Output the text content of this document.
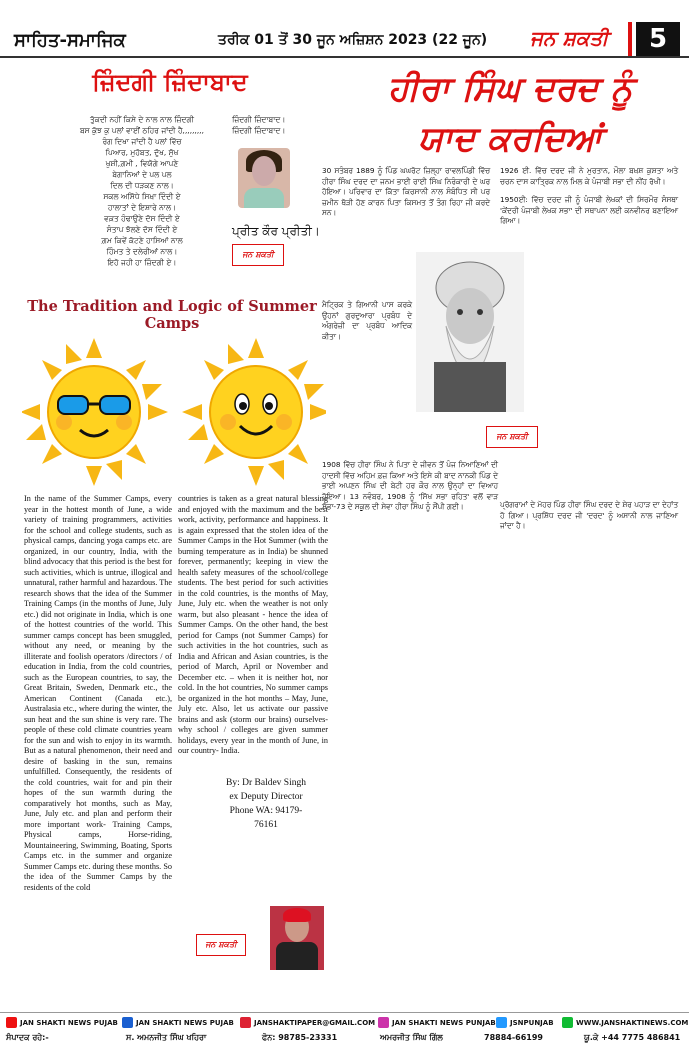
ਸਾਹਿਤ-ਸਮਾਜਿਕ	ਤਰੀਕ 01 ਤੋਂ 30 ਜੂਨ ਅਜ਼ਿਸ਼ਨ 2023 (22 ਜੂਨ) ਜਨ ਸ਼ਕਤੀ	5
ਜ਼ਿੰਦਗੀ ਜ਼ਿੰਦਾਬਾਦ
ਤੁੱਕਦੀ ਨਹੀਂ ਕਿਸੇ ਦੇ ਨਾਲ ਨਾਲ ਜ਼ਿੰਦਗੀ
ਬਸ ਕੁੱਝ ਕੁ ਪਲਾਂ ਵਾਈਂ ਠਹਿਰ ਜਾਂਦੀ ਹੈ,,,,,,,,,
ਰੰਗ ਦਿਖਾ ਜਾਂਦੀ ਹੈ ਪਲਾਂ ਵਿੱਚ
ਪਿਆਰ, ਮੁਹੱਬਤ, ਦੁੱਖ, ਸੁੱਖ
ਖੁਸ਼ੀ,ਗ਼ਮੀ , ਵਿਯੋਗੇ ਆਪਣੇ
ਬੇਗਾਨਿਆਂ ਦੇ ਪਲ ਪਲ
ਦਿਲ ਦੀ ਧੜਕਣ ਨਾਲ।
ਸਕਲ ਅਸਿੱਧੇ ਸਿਖ਼ਾ ਦਿੰਦੀ ਏ
ਹਾਲਾਤਾਂ ਦੇ ਇਸ਼ਾਰੇ ਨਾਲ।
ਵਕ਼ਤ ਹੰਢਾਉਣੇ ਦੱਸ ਦਿੰਦੀ ਏ
ਸੰਤਾਪ ਝੱਲਣੇ ਦੱਸ ਦਿੰਦੀ ਏ
ਗ਼ਮ ਕਿਵੇਂ ਕੱਟਣੇ ਹਾਸਿਆਂ ਨਾਲ
ਹਿੰਮਤ ਤੇ ਦਲੇਰੀਆਂ ਨਾਲ।
ਇਹੋ ਜਹੀ ਹਾ ਜ਼ਿੰਦਗੀ ਏ।
ਜ਼ਿੰਦਗੀ ਜ਼ਿੰਦਾਬਾਦ।
ਜ਼ਿੰਦਗੀ ਜ਼ਿੰਦਾਬਾਦ।
ਪ੍ਰੀਤ ਕੌਰ ਪ੍ਰੀਤੀ।
ਜਨ ਸ਼ਕਤੀ
The Tradition and Logic of Summer Camps
In the name of the Summer Camps, every year in the hottest month of June, a wide variety of training programmers, activities for the school and college students, such as physical camps, dancing yoga camps etc. are organized, in our country, India, with the blind advocacy that this period is the best for such activities, which is untrue, illogical and unnatural, rather harmful and hazardous. The research shows that the idea of the Summer Training Camps (in the months of June, July etc.) did not originate in India, which is one of the hottest countries of the world. This summer camps concept has been smuggled, without any need, or meaning by the illiterate and foolish operators /directors / of education in India, from the cold countries, such as the European countries, to say, the Great Britain, Sweden, Denmark etc., the American Continent (Canada etc.), Australasia etc., where during the winter, the sun heat and the sun shine is very rare. The people of these cold climate countries yearn for the sun and wish to enjoy in its warmth. But as a natural phenomenon, their need and desire of basking in the sun, remains unfulfilled. Consequently, the residents of the cold countries, wait for and pin their hopes of the sun warmth during the comparatively hot months, such as May, June, July etc. and plan and perform their more important work- Training Camps, Physical camps, Horse-riding, Mountaineering, Swimming, Boating, Sports Camps etc. in the summer and organize Summer Camps etc. during these months. So the idea of the Summer Camps by the residents of the cold
countries is taken as a great natural blessing and enjoyed with the maximum and the best work, activity, performance and happiness. It is again expressed that the stolen idea of the Summer Camps in the Hot Summer (with the burning temperature as in India) be shunned forever, permanently; keeping in view the health safety measures of the school/college students. The best period for such activities in the cold countries, is the months of May, June, July etc. when the weather is not only warm, but also pleasant - hence the idea of Summer Camps. On the other hand, the best period for Camps (not Summer Camps) for such activities in the hot countries, such as India and African and Asian countries, is the period of March, April or November and December etc. – when it is neither hot, nor cold. In the hot countries, No summer camps be organized in the hot months – May, June, July etc. Also, let us activate our passive brains and ask (storm our brains) ourselves- why school / colleges are given summer holidays, every year in the month of June, in our country- India.
By: Dr Baldev Singh ex Deputy Director Phone WA: 94179-76161
ਜਨ ਸ਼ਕਤੀ
ਹੀਰਾ ਸਿੰਘ ਦਰਦ ਨੂੰ
ਯਾਦ ਕਰਦਿਆਂ

30 ਸਤੰਬਰ 1889 ਨੂੰ ਪਿੰਡ ਘਘਰੋਟ ਜ਼ਿਲ੍ਹਾ ਰਾਵਲਪਿੰਡੀ ਵਿੱਚ ਹੀਰਾ ਸਿੰਘ ਦਰਦ ਦਾ ਜਨਮ ਭਾਈ ਰਾਈ ਸਿੰਘ ਨਿਰੰਕਾਰੀ ਦੇ ਘਰ ਹੋਇਆ। ਪਰਿਵਾਰ ਦਾ ਕਿੱਤਾ ਕਿਰਸਾਨੀ ਨਾਲ ਸੰਬੰਧਿਤ ਸੀ ਪਰ ਜ਼ਮੀਨ ਥੋੜੀ ਹੋਣ ਕਾਰਨ ਪਿਤਾ ਕਿਸਮਤ ਤੋਂ ਤੰਗ ਰਿਹਾ ਜੀ ਕਰਦੇ ਸਨ।

ਮੈਟ੍ਰਿਕ ਤੇ ਗਿਆਨੀ ਪਾਸ ਕਰਕੇ ਉਹਨਾਂ ਗੁਰਦੁਆਰਾ ਪ੍ਰਬੰਧ ਦੇ ਅੰਗਰੇਜ਼ੀ ਦਾ ਪ੍ਰਬੰਧ ਆਦਿਕ ਕੀਤਾ।

1908 ਵਿੱਚ ਹੀਰਾ ਸਿੰਘ ਨੇ ਪਿਤਾ ਦੇ ਜੀਵਨ ਤੋਂ ਪੰਜ ਨਿਆਣਿਆਂ ਦੀ ਹਾਦਸੀ ਵਿੱਚ ਅਹਿਮ ਫ਼ਜ਼ ਕਿਆ ਅਤੇ ਇਸੇ ਕੀ ਬਾਦ ਨਾਨਕੀ ਪਿੰਡ ਦੇ ਭਾਈ ਅਪਣਨ ਸਿੰਘ ਦੀ ਬੇਟੀ ਹਰ ਕੌਰ ਨਾਲ ਉਨ੍ਹਾਂ ਦਾ ਵਿਆਹ ਹੋਇਆ। 13 ਨਵੰਬਰ, 1908 ਨੂੰ 'ਸਿੱਖ ਸਭਾ ਰਹਿਤ' ਵਲੋਂ ਵਾੜ ਸੱਭਾ-73 ਦੇ ਸਕੂਲ ਦੀ ਸੇਵਾ ਹੀਰਾ ਸਿੰਘ ਨੂੰ ਸੌਂਪੀ ਗਈ।

1926 ਈ. ਵਿੱਚ ਦਰਦ ਜੀ ਨੇ ਮੁਰਤਾਨ, ਮੌਲਾ ਬਖ਼ਸ਼ ਕੁਸ਼ਤਾ ਅਤੇ ਚਰਨ ਦਾਸ ਕਾਤ੍ਰਿਕ ਨਾਲ ਮਿਲ ਕੇ ਪੰਜਾਬੀ ਸਭਾ ਦੀ ਨੀਂਹ ਰੱਖੀ।

1950ਈ: ਵਿੱਚ ਦਰਦ ਜੀ ਨੂੰ ਪੰਜਾਬੀ ਲੇਖਕਾਂ ਦੀ ਸਿਰਮੌਰ ਸੰਸਥਾ 'ਕੇਂਦਰੀ ਪੰਜਾਬੀ ਲੇਖਕ ਸਭਾ' ਦੀ ਸਥਾਪਨਾ ਲਈ ਕਨਵੀਨਰ ਬਣਾਇਆ ਗਿਆ।

ਪ੍ਰੋਗਰਾਮਾਂ ਦੇ ਮੋਹਰ ਪਿੰਡ ਹੀਰਾ ਸਿੰਘ ਦਰਦ ਦੇ ਸ਼ੇਰ ਪਹਾੜ ਦਾ ਦੇਹਾਂਤ ਹੋ ਗਿਆ। ਪ੍ਰਸ਼ਿੱਧ ਦਰਦ ਜੀ 'ਦਰਦ' ਨੂੰ ਅਸਾਨੀ ਨਾਲ ਜਾਣਿਆ ਜਾਂਦਾ ਹੈ।

ਜਨ ਸ਼ਕਤੀ
JAN SHAKTI NEWS PUJAB	JAN SHAKTI NEWS PUJAB	JANSHAKTIPAPER@GMAIL.COM JAN SHAKTI NEWS PUNJAB JSNPUNJAB	WWW.JANSHAKTINEWS.COM
ਸੰਪਾਦਕ ਰਹੇ:-	ਸ. ਅਮਨਜੀਤ ਸਿੰਘ ਖਹਿਰਾ	ਫੋਨ: 98785-23331	ਅਮਰਜੀਤ ਸਿੰਘ ਗਿੱਲ	78884-66199	ਯੂ.ਕੇ +44 7775 486841
